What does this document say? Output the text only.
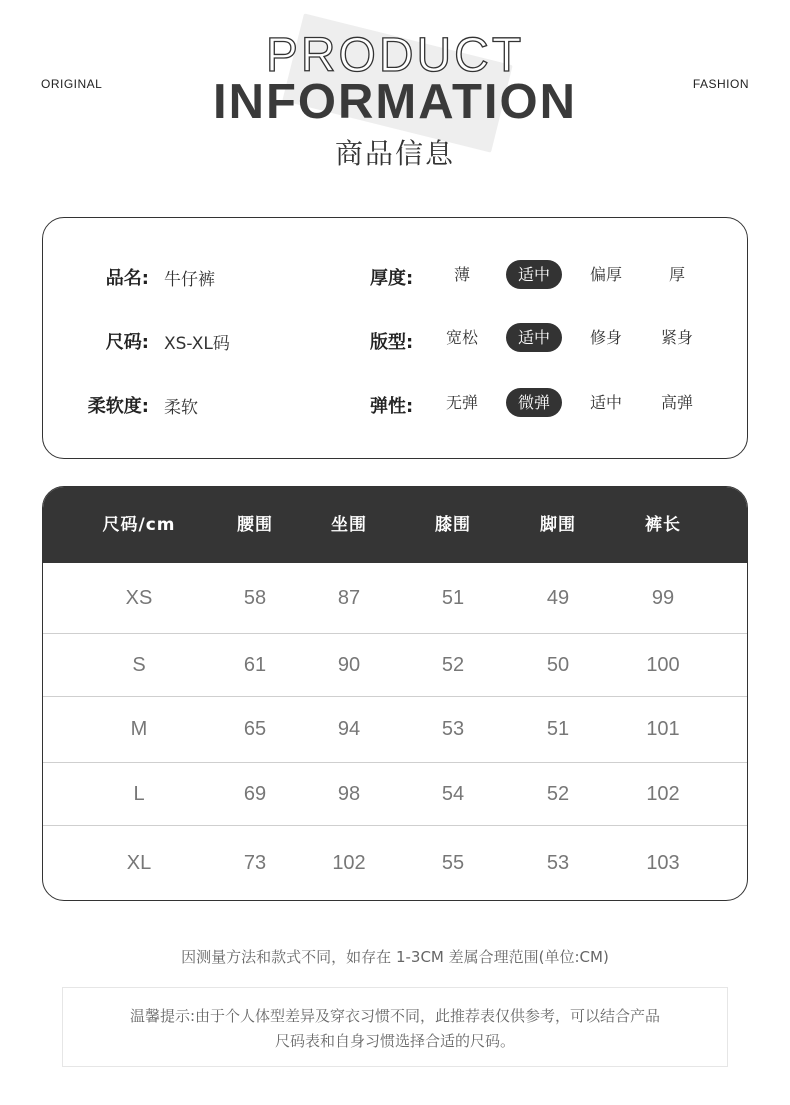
ORIGINAL	FASHION
PRODUCT
INFORMATION
商品信息
品名: 牛仔裤
尺码: XS-XL码
柔软度: 柔软
厚度:	薄	适中	偏厚	厚
版型:	宽松	适中	修身	紧身
弹性:	无弹	微弹	适中	高弹
尺码/cm	腰围	坐围	膝围	脚围	裤长
XS	58	87	51	49	99
S	61	90	52	50	100
M	65	94	53	51	101
L	69	98	54	52	102
XL	73	102	55	53	103
因测量方法和款式不同，如存在 1-3CM 差属合理范围(单位:CM)
温馨提示:由于个人体型差异及穿衣习惯不同，此推荐表仅供参考，可以结合产品
尺码表和自身习惯选择合适的尺码。
